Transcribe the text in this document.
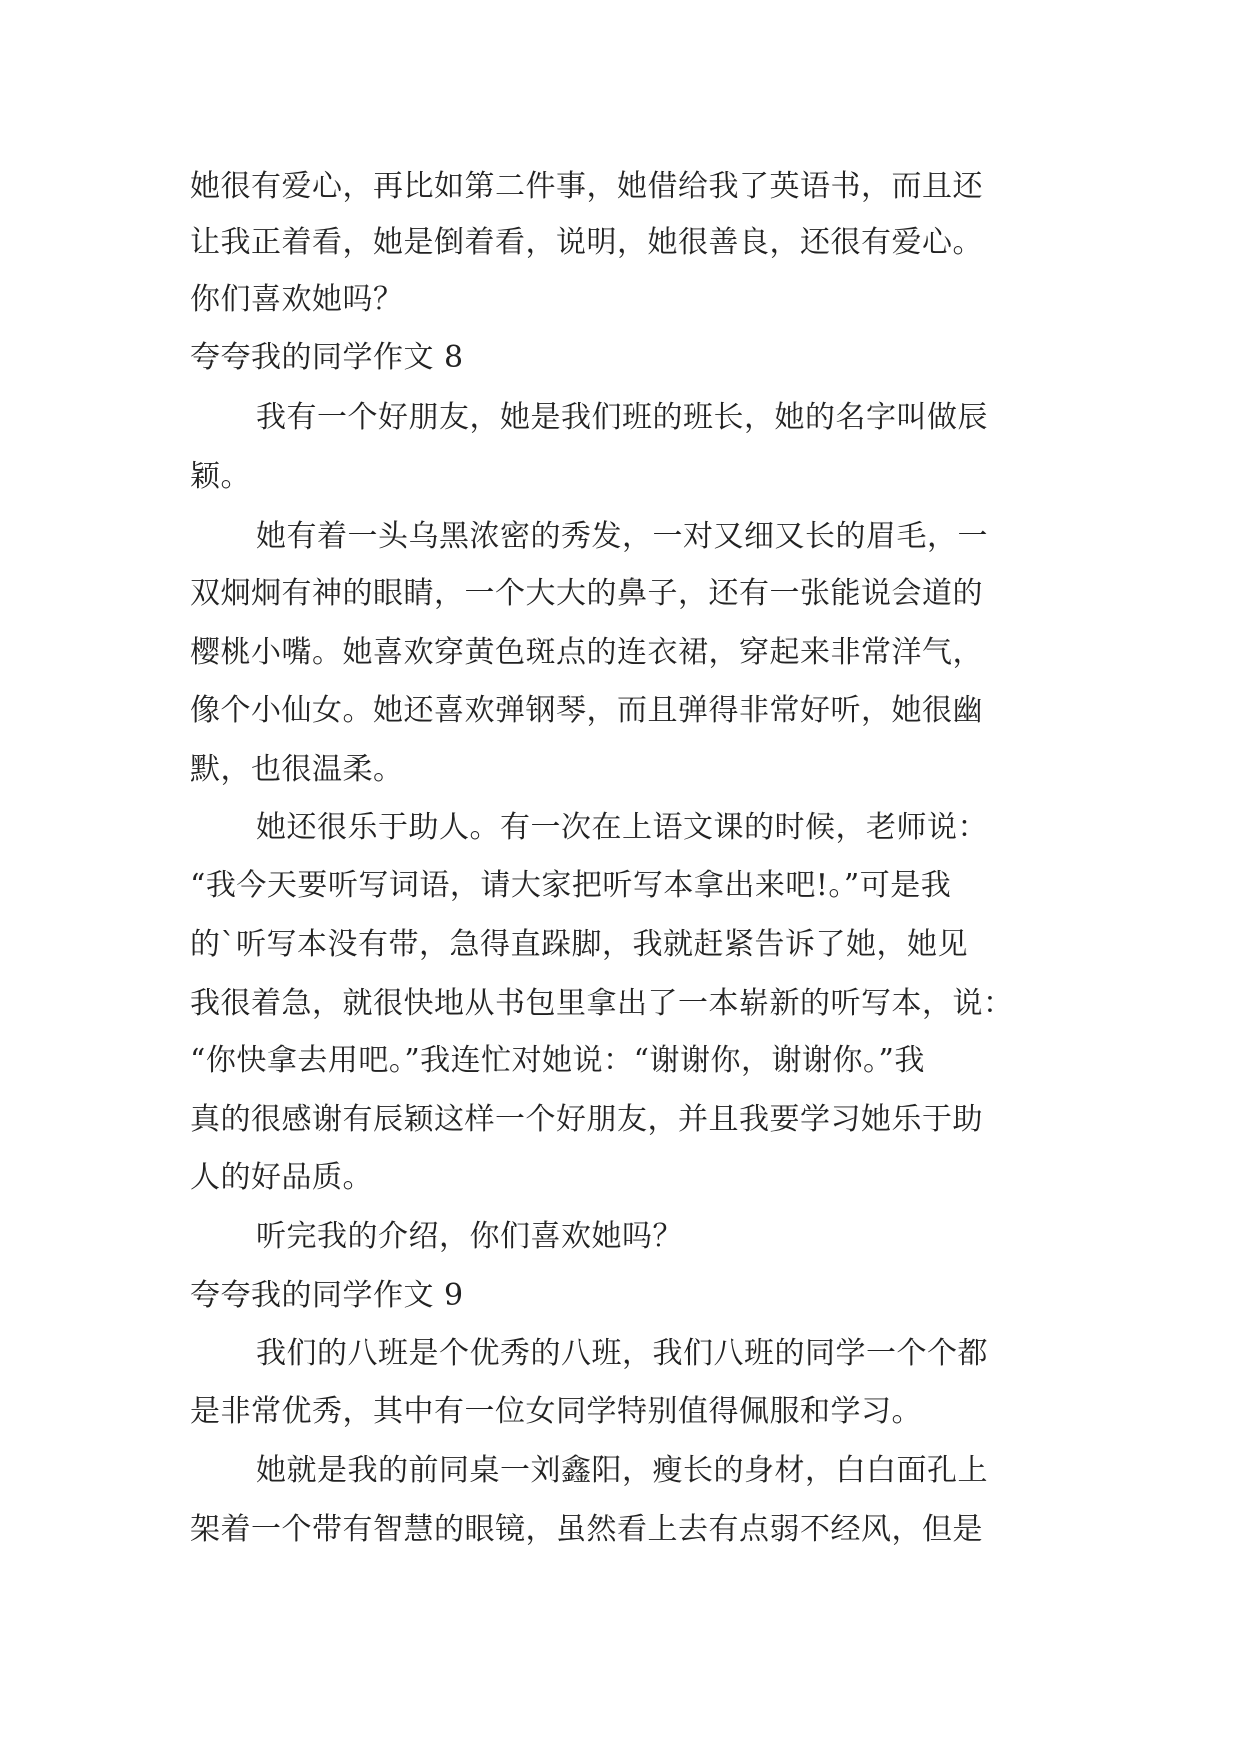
她很有爱心，再比如第二件事，她借给我了英语书，而且还
让我正着看，她是倒着看，说明，她很善良，还很有爱心。
你们喜欢她吗？
夸夸我的同学作文 8
我有一个好朋友，她是我们班的班长，她的名字叫做辰
颖。
她有着一头乌黑浓密的秀发，一对又细又长的眉毛，一
双炯炯有神的眼睛，一个大大的鼻子，还有一张能说会道的
樱桃小嘴。她喜欢穿黄色斑点的连衣裙，穿起来非常洋气，
像个小仙女。她还喜欢弹钢琴，而且弹得非常好听，她很幽
默，也很温柔。
她还很乐于助人。有一次在上语文课的时候，老师说：
“我今天要听写词语，请大家把听写本拿出来吧!。”可是我
的`听写本没有带，急得直跺脚，我就赶紧告诉了她，她见
我很着急，就很快地从书包里拿出了一本崭新的听写本，说：
“你快拿去用吧。”我连忙对她说：“谢谢你，谢谢你。”我
真的很感谢有辰颖这样一个好朋友，并且我要学习她乐于助
人的好品质。
听完我的介绍，你们喜欢她吗？
夸夸我的同学作文 9
我们的八班是个优秀的八班，我们八班的同学一个个都
是非常优秀，其中有一位女同学特别值得佩服和学习。
她就是我的前同桌一刘鑫阳，瘦长的身材，白白面孔上
架着一个带有智慧的眼镜，虽然看上去有点弱不经风，但是
